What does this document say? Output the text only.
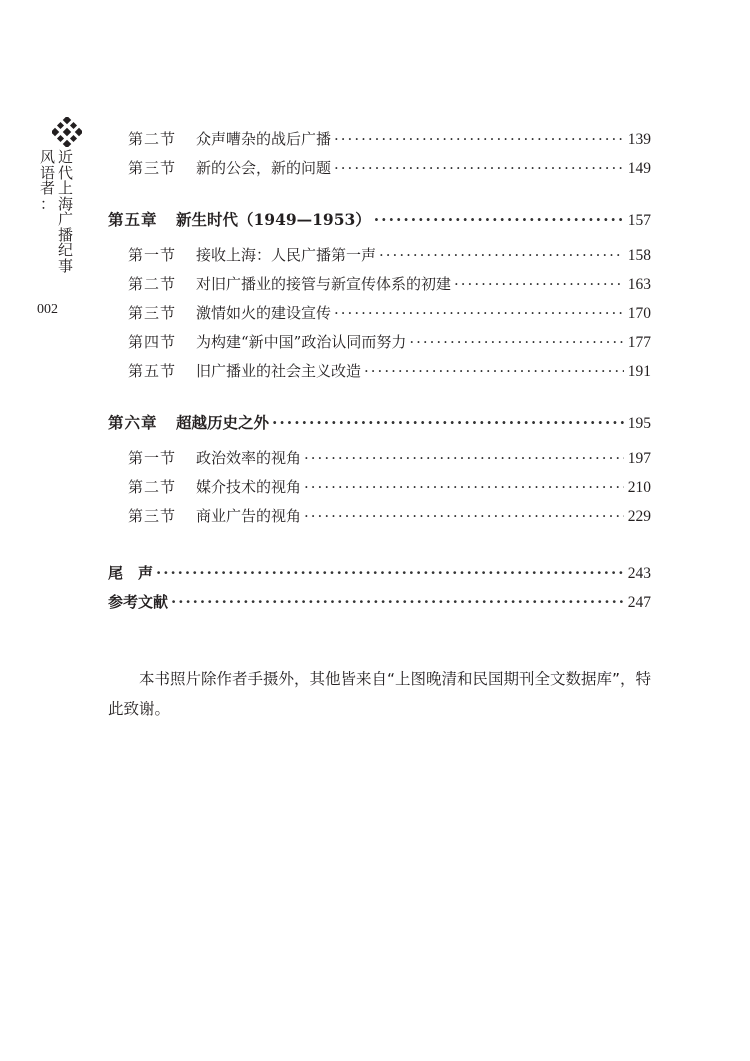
近
代
上
海
广
播
纪
事
风
语
者
：
002
第二节	众声嘈杂的战后广播 ·····	139
第三节	新的公会，新的问题 ·····	149
第五章	新生时代（1949—1953） ·····	157
第一节	接收上海：人民广播第一声 ·····	158
第二节	对旧广播业的接管与新宣传体系的初建 ·····	163
第三节	激情如火的建设宣传 ·····	170
第四节	为构建“新中国”政治认同而努力 ·····	177
第五节	旧广播业的社会主义改造 ·····	191
第六章	超越历史之外 ·····	195
第一节	政治效率的视角 ·····	197
第二节	媒介技术的视角 ·····	210
第三节	商业广告的视角 ·····	229
尾　声 ·····	243
参考文献 ·····	247

本书照片除作者手摄外，其他皆来自“上图晚清和民国期刊全文数据库”，特此致谢。
